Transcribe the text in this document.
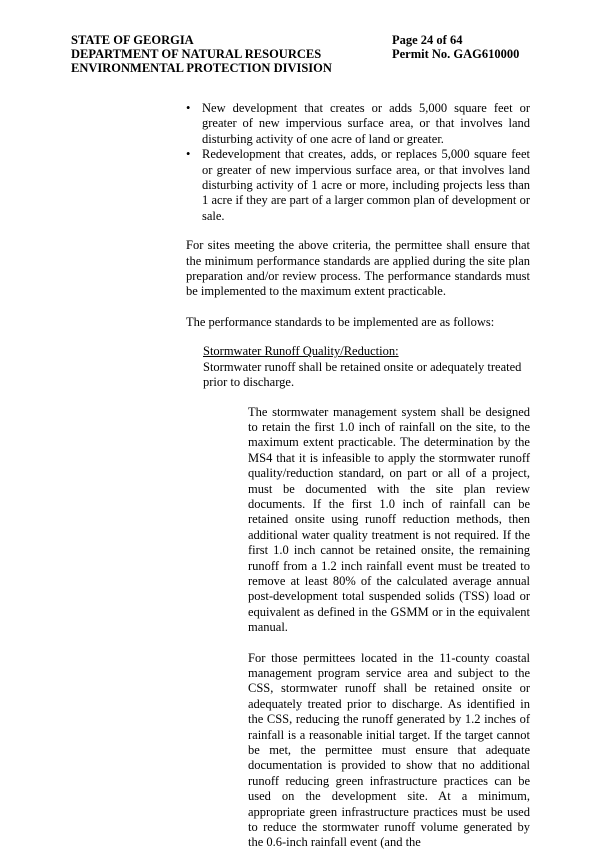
STATE OF GEORGIA	Page 24 of 64
DEPARTMENT OF NATURAL RESOURCES	Permit No. GAG610000
ENVIRONMENTAL PROTECTION DIVISION
• New development that creates or adds 5,000 square feet or greater of new impervious surface area, or that involves land disturbing activity of one acre of land or greater.
• Redevelopment that creates, adds, or replaces 5,000 square feet or greater of new impervious surface area, or that involves land disturbing activity of 1 acre or more, including projects less than 1 acre if they are part of a larger common plan of development or sale.

For sites meeting the above criteria, the permittee shall ensure that the minimum performance standards are applied during the site plan preparation and/or review process. The performance standards must be implemented to the maximum extent practicable.

The performance standards to be implemented are as follows:

Stormwater Runoff Quality/Reduction:
Stormwater runoff shall be retained onsite or adequately treated prior to discharge.

The stormwater management system shall be designed to retain the first 1.0 inch of rainfall on the site, to the maximum extent practicable. The determination by the MS4 that it is infeasible to apply the stormwater runoff quality/reduction standard, on part or all of a project, must be documented with the site plan review documents. If the first 1.0 inch of rainfall can be retained onsite using runoff reduction methods, then additional water quality treatment is not required. If the first 1.0 inch cannot be retained onsite, the remaining runoff from a 1.2 inch rainfall event must be treated to remove at least 80% of the calculated average annual post-development total suspended solids (TSS) load or equivalent as defined in the GSMM or in the equivalent manual.

For those permittees located in the 11-county coastal management program service area and subject to the CSS, stormwater runoff shall be retained onsite or adequately treated prior to discharge. As identified in the CSS, reducing the runoff generated by 1.2 inches of rainfall is a reasonable initial target. If the target cannot be met, the permittee must ensure that adequate documentation is provided to show that no additional runoff reducing green infrastructure practices can be used on the development site. At a minimum, appropriate green infrastructure practices must be used to reduce the stormwater runoff volume generated by the 0.6-inch rainfall event (and the
